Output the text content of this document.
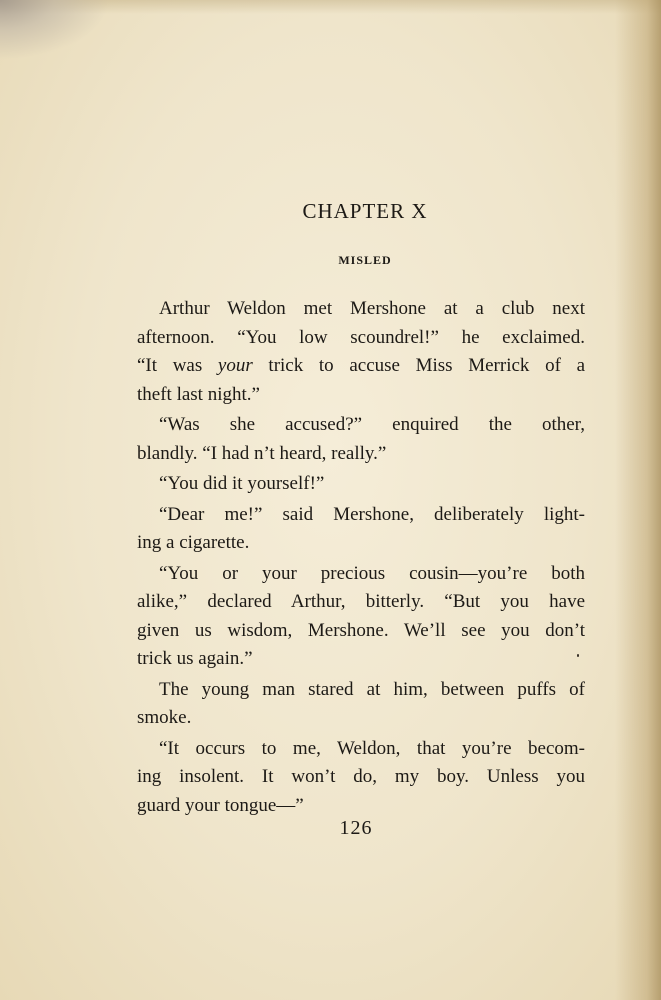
CHAPTER X
MISLED

Arthur Weldon met Mershone at a club next
afternoon. “You low scoundrel!” he exclaimed.
“It was your trick to accuse Miss Merrick of a
theft last night.”

“Was she accused?” enquired the other,
blandly. “I had n’t heard, really.”

“You did it yourself!”

“Dear me!” said Mershone, deliberately light-
ing a cigarette.

“You or your precious cousin—you’re both
alike,” declared Arthur, bitterly. “But you have
given us wisdom, Mershone. We’ll see you don’t
trick us again.”

The young man stared at him, between puffs of
smoke.

“It occurs to me, Weldon, that you’re becom-
ing insolent. It won’t do, my boy. Unless you
guard your tongue—”

126
